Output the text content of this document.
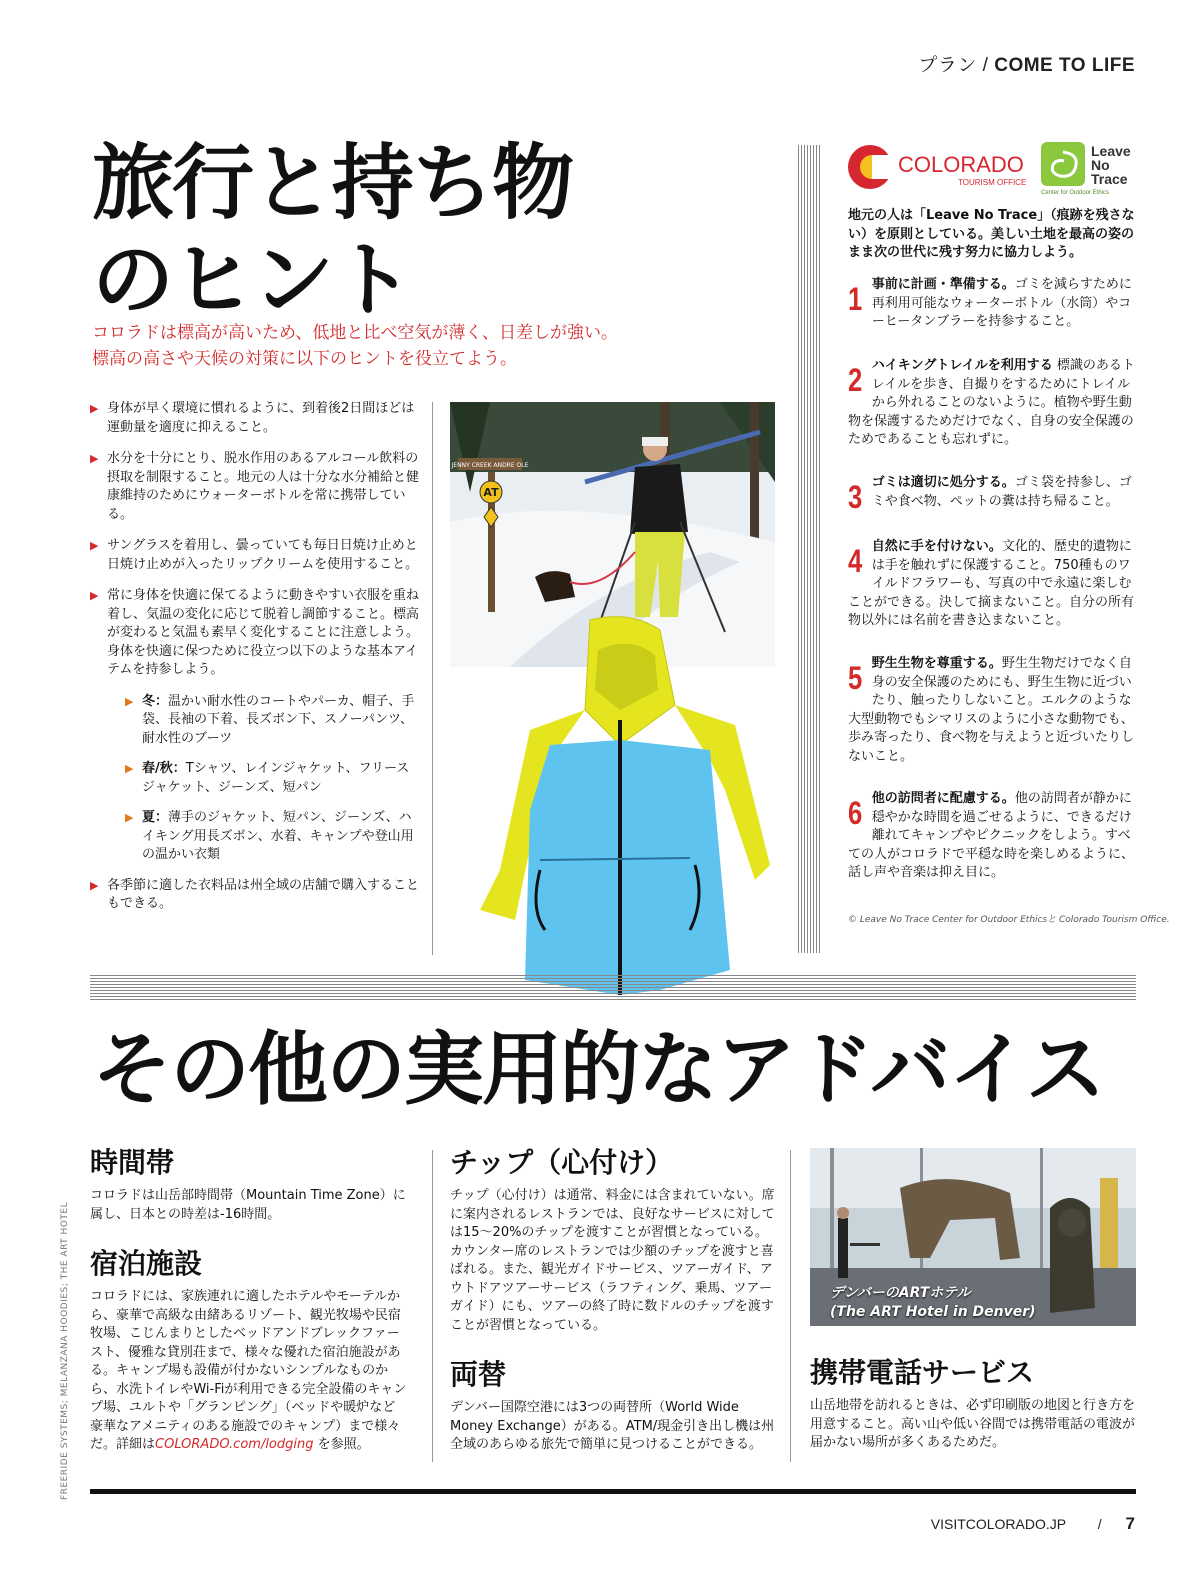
プラン / COME TO LIFE
旅行と持ち物
のヒント
コロラドは標高が高いため、低地と比べ空気が薄く、日差しが強い。
標高の高さや天候の対策に以下のヒントを役立てよう。
▶ 身体が早く環境に慣れるように、到着後2日間ほどは運動量を適度に抑えること。
▶ 水分を十分にとり、脱水作用のあるアルコール飲料の摂取を制限すること。地元の人は十分な水分補給と健康維持のためにウォーターボトルを常に携帯している。
▶ サングラスを着用し、曇っていても毎日日焼け止めと日焼け止めが入ったリップクリームを使用すること。
▶ 常に身体を快適に保てるように動きやすい衣服を重ね着し、気温の変化に応じて脱着し調節すること。標高が変わると気温も素早く変化することに注意しよう。身体を快適に保つために役立つ以下のような基本アイテムを持参しよう。
▶ 冬：温かい耐水性のコートやパーカ、帽子、手袋、長袖の下着、長ズボン下、スノーパンツ、耐水性のブーツ
▶ 春/秋：Tシャツ、レインジャケット、フリースジャケット、ジーンズ、短パン
▶ 夏：薄手のジャケット、短パン、ジーンズ、ハイキング用長ズボン、水着、キャンプや登山用の温かい衣類
▶ 各季節に適した衣料品は州全域の店舗で購入することもできる。
JENNY CREEK ANDRE OLE
AT
COLORADO
TOURISM OFFICE
Leave
No
Trace
Center for Outdoor Ethics
地元の人は「Leave No Trace」（痕跡を残さない）を原則としている。美しい土地を最高の姿のまま次の世代に残す努力に協力しよう。
1 事前に計画・準備する。ゴミを減らすために再利用可能なウォーターボトル（水筒）やコーヒータンブラーを持参すること。
2 ハイキングトレイルを利用する 標識のあるトレイルを歩き、自撮りをするためにトレイルから外れることのないように。植物や野生動物を保護するためだけでなく、自身の安全保護のためであることも忘れずに。
3 ゴミは適切に処分する。ゴミ袋を持参し、ゴミや食べ物、ペットの糞は持ち帰ること。
4 自然に手を付けない。文化的、歴史的遺物には手を触れずに保護すること。750種ものワイルドフラワーも、写真の中で永遠に楽しむことができる。決して摘まないこと。自分の所有物以外には名前を書き込まないこと。
5 野生生物を尊重する。野生生物だけでなく自身の安全保護のためにも、野生生物に近づいたり、触ったりしないこと。エルクのような大型動物でもシマリスのように小さな動物でも、歩み寄ったり、食べ物を与えようと近づいたりしないこと。
6 他の訪問者に配慮する。他の訪問者が静かに穏やかな時間を過ごせるように、できるだけ離れてキャンプやピクニックをしよう。すべての人がコロラドで平穏な時を楽しめるように、話し声や音楽は抑え目に。
© Leave No Trace Center for Outdoor Ethicsと Colorado Tourism Office.
その他の実用的なアドバイス
時間帯

コロラドは山岳部時間帯（Mountain Time Zone）に属し、日本との時差は-16時間。

宿泊施設

コロラドには、家族連れに適したホテルやモーテルから、豪華で高級な由緒あるリゾート、観光牧場や民宿牧場、こじんまりとしたベッドアンドブレックファースト、優雅な貸別荘まで、様々な優れた宿泊施設がある。キャンプ場も設備が付かないシンプルなものから、水洗トイレやWi-Fiが利用できる完全設備のキャンプ場、ユルトや「グランピング」（ベッドや暖炉など豪華なアメニティのある施設でのキャンプ）まで様々だ。詳細はCOLORADO.com/lodging を参照。

チップ（心付け）

チップ（心付け）は通常、料金には含まれていない。席に案内されるレストランでは、良好なサービスに対しては15～20%のチップを渡すことが習慣となっている。カウンター席のレストランでは少額のチップを渡すと喜ばれる。また、観光ガイドサービス、ツアーガイド、アウトドアツアーサービス（ラフティング、乗馬、ツアーガイド）にも、ツアーの終了時に数ドルのチップを渡すことが習慣となっている。

両替

デンバー国際空港には3つの両替所（World Wide Money Exchange）がある。ATM/現金引き出し機は州全域のあらゆる旅先で簡単に見つけることができる。

デンバーのARTホテル
(The ART Hotel in Denver)
携帯電話サービス

山岳地帯を訪れるときは、必ず印刷版の地図と行き方を用意すること。高い山や低い谷間では携帯電話の電波が届かない場所が多くあるためだ。

FREERIDE SYSTEMS; MELANZANA HOODIES; THE ART HOTEL
VISITCOLORADO.JP / 7
